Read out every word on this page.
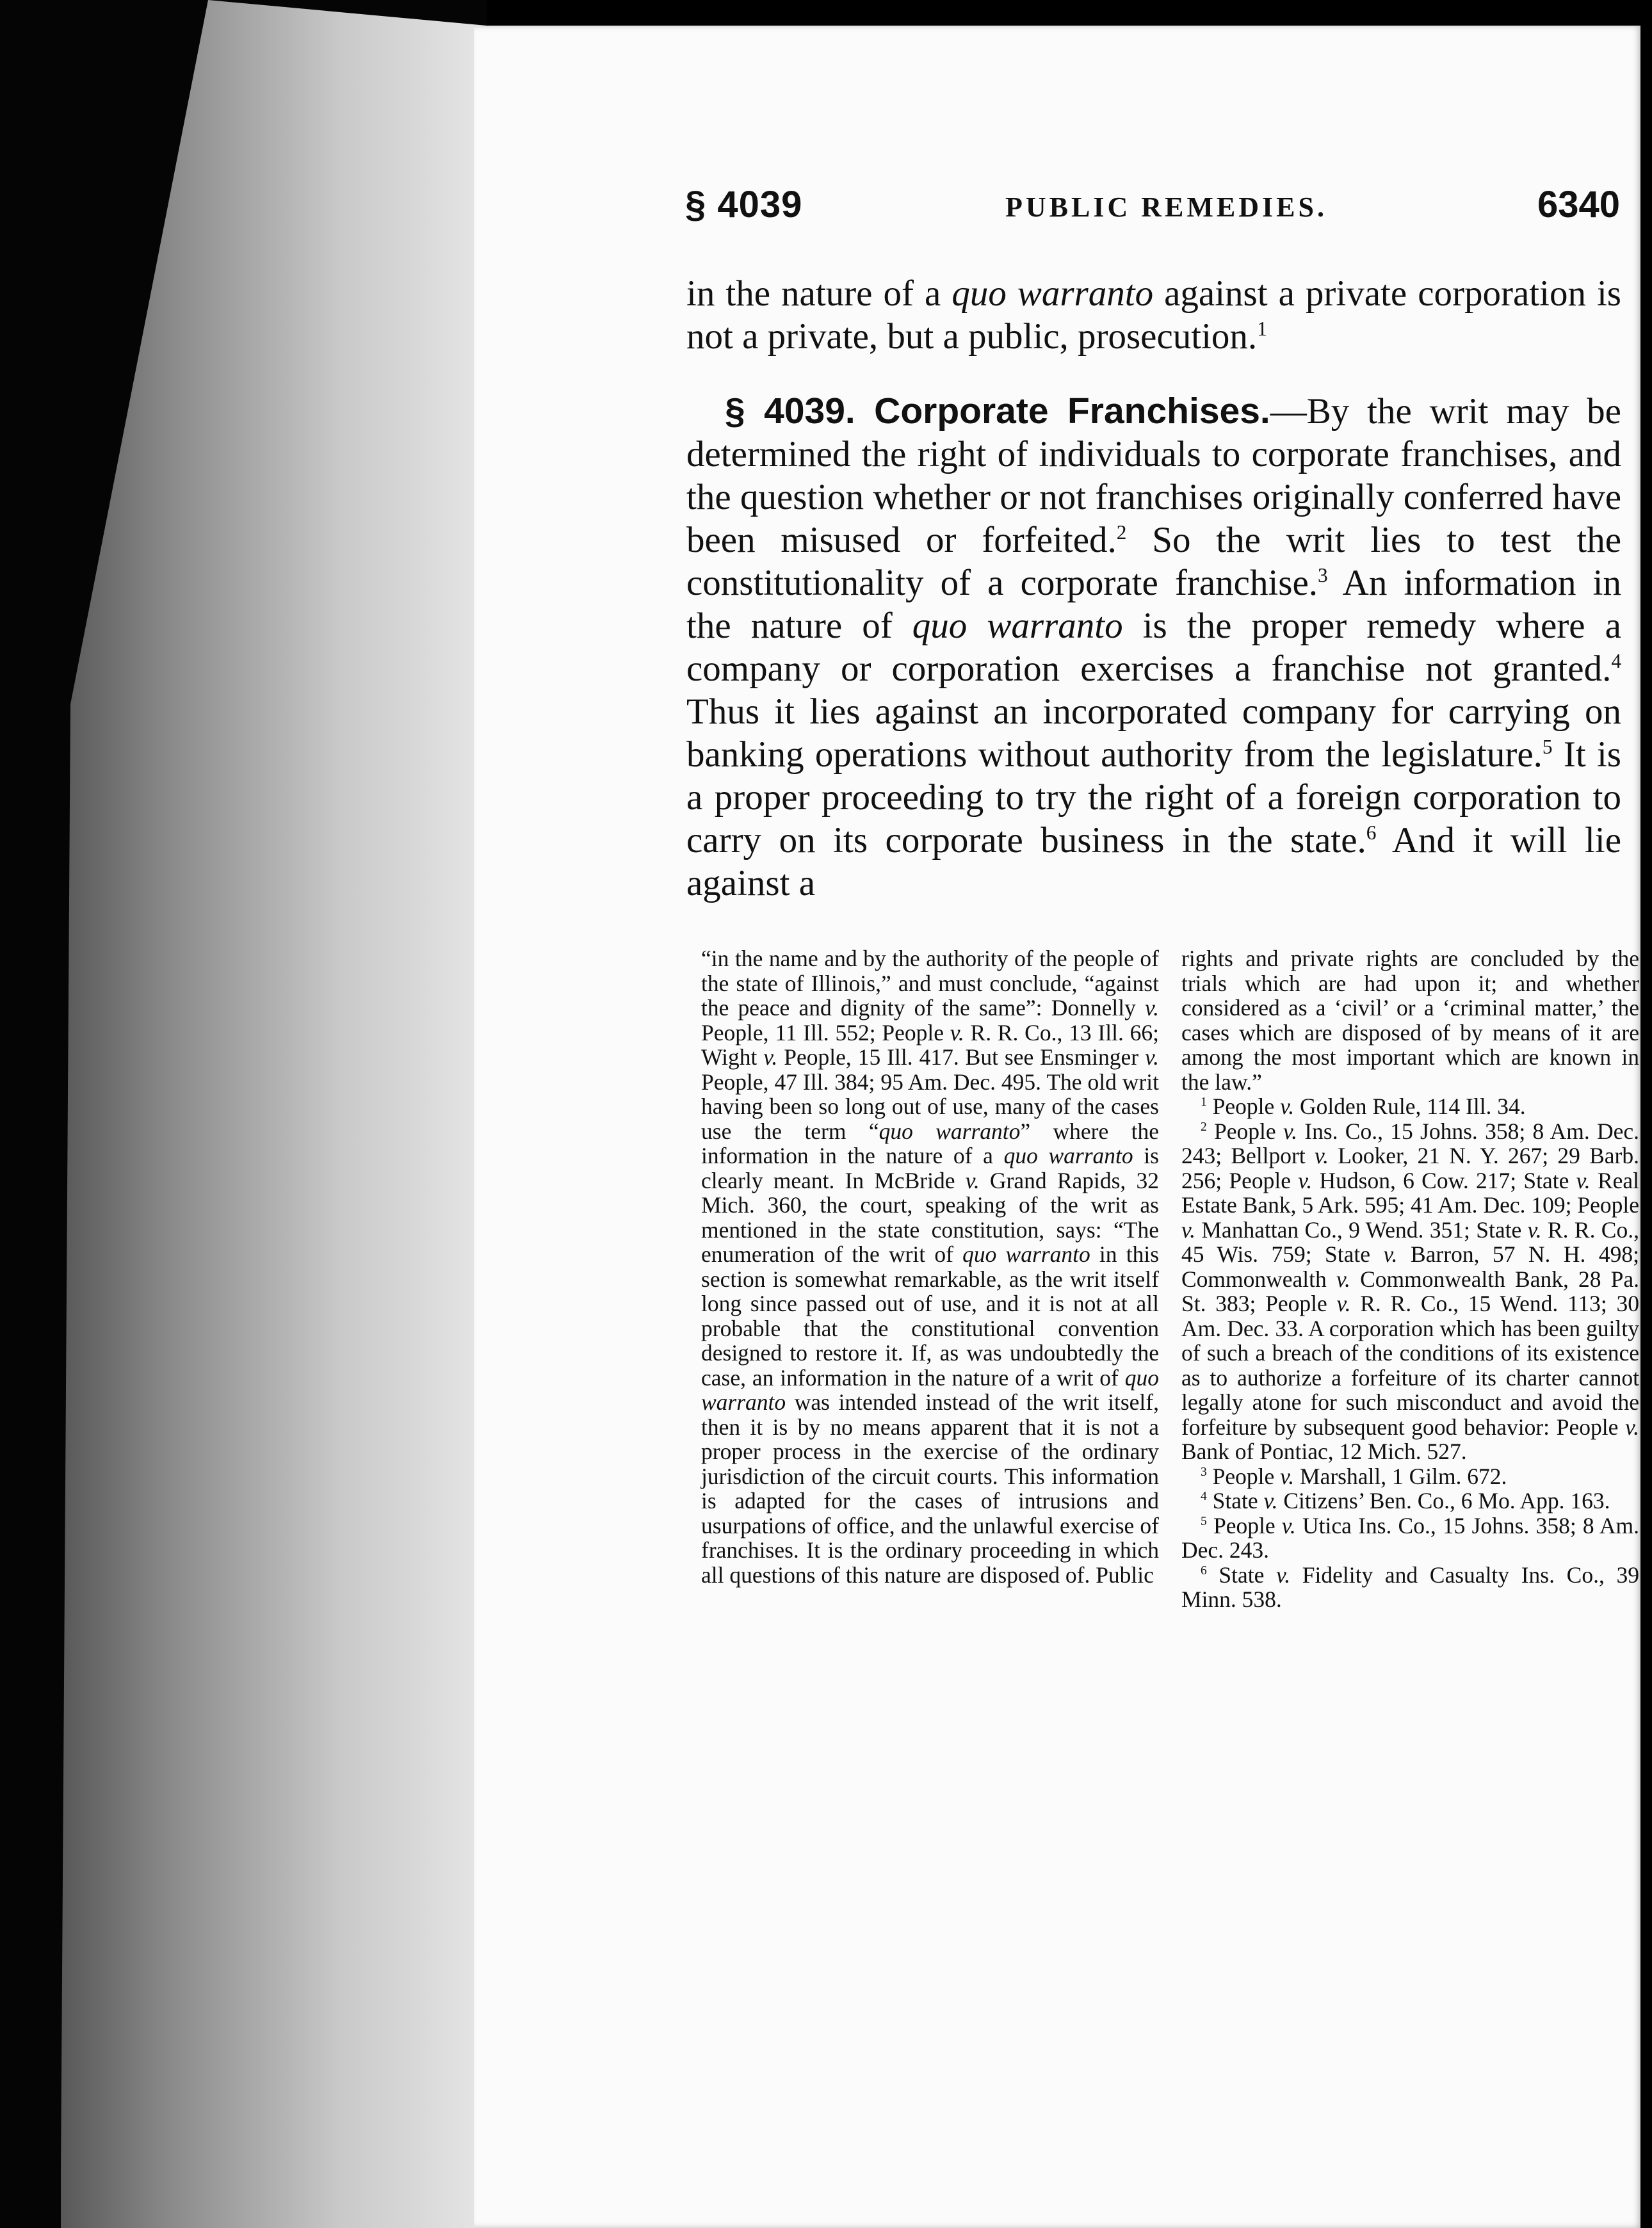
§ 4039	PUBLIC REMEDIES.	6340

in the nature of a quo warranto against a private corporation is not a private, but a public, prosecution.$^1$

§ 4039. Corporate Franchises.—By the writ may be determined the right of individuals to corporate franchises, and the question whether or not franchises originally conferred have been misused or forfeited.$^2$ So the writ lies to test the constitutionality of a corporate franchise.$^3$ An information in the nature of quo warranto is the proper remedy where a company or corporation exercises a franchise not granted.$^4$ Thus it lies against an incorporated company for carrying on banking operations without authority from the legislature.$^5$ It is a proper proceeding to try the right of a foreign corporation to carry on its corporate business in the state.$^6$ And it will lie against a

“in the name and by the authority of the people of the state of Illinois,” and must conclude, “against the peace and dignity of the same”: Donnelly v. People, 11 Ill. 552; People v. R. R. Co., 13 Ill. 66; Wight v. People, 15 Ill. 417. But see Ensminger v. People, 47 Ill. 384; 95 Am. Dec. 495. The old writ having been so long out of use, many of the cases use the term “quo warranto” where the information in the nature of a quo warranto is clearly meant. In McBride v. Grand Rapids, 32 Mich. 360, the court, speaking of the writ as mentioned in the state constitution, says: “The enumeration of the writ of quo warranto in this section is somewhat remarkable, as the writ itself long since passed out of use, and it is not at all probable that the constitutional convention designed to restore it. If, as was undoubtedly the case, an information in the nature of a writ of quo warranto was intended instead of the writ itself, then it is by no means apparent that it is not a proper process in the exercise of the ordinary jurisdiction of the circuit courts. This information is adapted for the cases of intrusions and usurpations of office, and the unlawful exercise of franchises. It is the ordinary proceeding in which all questions of this nature are disposed of. Public

rights and private rights are concluded by the trials which are had upon it; and whether considered as a ‘civil’ or a ‘criminal matter,’ the cases which are disposed of by means of it are among the most important which are known in the law.”

$^1$ People v. Golden Rule, 114 Ill. 34.

$^2$ People v. Ins. Co., 15 Johns. 358; 8 Am. Dec. 243; Bellport v. Looker, 21 N. Y. 267; 29 Barb. 256; People v. Hudson, 6 Cow. 217; State v. Real Estate Bank, 5 Ark. 595; 41 Am. Dec. 109; People v. Manhattan Co., 9 Wend. 351; State v. R. R. Co., 45 Wis. 759; State v. Barron, 57 N. H. 498; Commonwealth v. Commonwealth Bank, 28 Pa. St. 383; People v. R. R. Co., 15 Wend. 113; 30 Am. Dec. 33. A corporation which has been guilty of such a breach of the conditions of its existence as to authorize a forfeiture of its charter cannot legally atone for such misconduct and avoid the forfeiture by subsequent good behavior: People v. Bank of Pontiac, 12 Mich. 527.

$^3$ People v. Marshall, 1 Gilm. 672.

$^4$ State v. Citizens’ Ben. Co., 6 Mo. App. 163.

$^5$ People v. Utica Ins. Co., 15 Johns. 358; 8 Am. Dec. 243.

$^6$ State v. Fidelity and Casualty Ins. Co., 39 Minn. 538.
